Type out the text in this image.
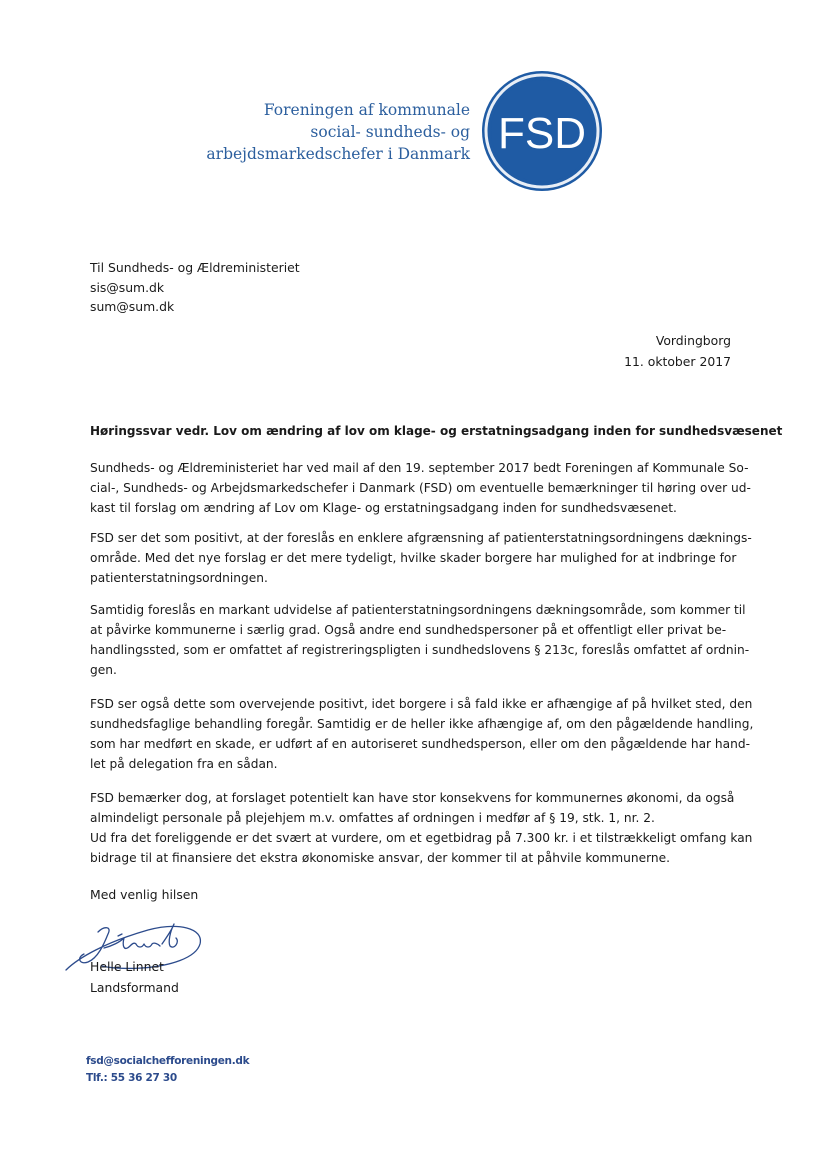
Foreningen af kommunale
social- sundheds- og
arbejdsmarkedschefer i Danmark FSD
Til Sundheds- og Ældreministeriet
sis@sum.dk
sum@sum.dk
Vordingborg
11. oktober 2017
Høringssvar vedr. Lov om ændring af lov om klage- og erstatningsadgang inden for sundhedsvæsenet
Sundheds- og Ældreministeriet har ved mail af den 19. september 2017 bedt Foreningen af Kommunale So-
cial-, Sundheds- og Arbejdsmarkedschefer i Danmark (FSD) om eventuelle bemærkninger til høring over ud-
kast til forslag om ændring af Lov om Klage- og erstatningsadgang inden for sundhedsvæsenet.
FSD ser det som positivt, at der foreslås en enklere afgrænsning af patienterstatningsordningens dæknings-
område. Med det nye forslag er det mere tydeligt, hvilke skader borgere har mulighed for at indbringe for
patienterstatningsordningen.
Samtidig foreslås en markant udvidelse af patienterstatningsordningens dækningsområde, som kommer til
at påvirke kommunerne i særlig grad. Også andre end sundhedspersoner på et offentligt eller privat be-
handlingssted, som er omfattet af registreringspligten i sundhedslovens § 213c, foreslås omfattet af ordnin-
gen.
FSD ser også dette som overvejende positivt, idet borgere i så fald ikke er afhængige af på hvilket sted, den
sundhedsfaglige behandling foregår. Samtidig er de heller ikke afhængige af, om den pågældende handling,
som har medført en skade, er udført af en autoriseret sundhedsperson, eller om den pågældende har hand-
let på delegation fra en sådan.
FSD bemærker dog, at forslaget potentielt kan have stor konsekvens for kommunernes økonomi, da også
almindeligt personale på plejehjem m.v. omfattes af ordningen i medfør af § 19, stk. 1, nr. 2.
Ud fra det foreliggende er det svært at vurdere, om et egetbidrag på 7.300 kr. i et tilstrækkeligt omfang kan
bidrage til at finansiere det ekstra økonomiske ansvar, der kommer til at påhvile kommunerne.
Med venlig hilsen
Helle Linnet
Landsformand
fsd@socialchefforeningen.dk
Tlf.: 55 36 27 30
